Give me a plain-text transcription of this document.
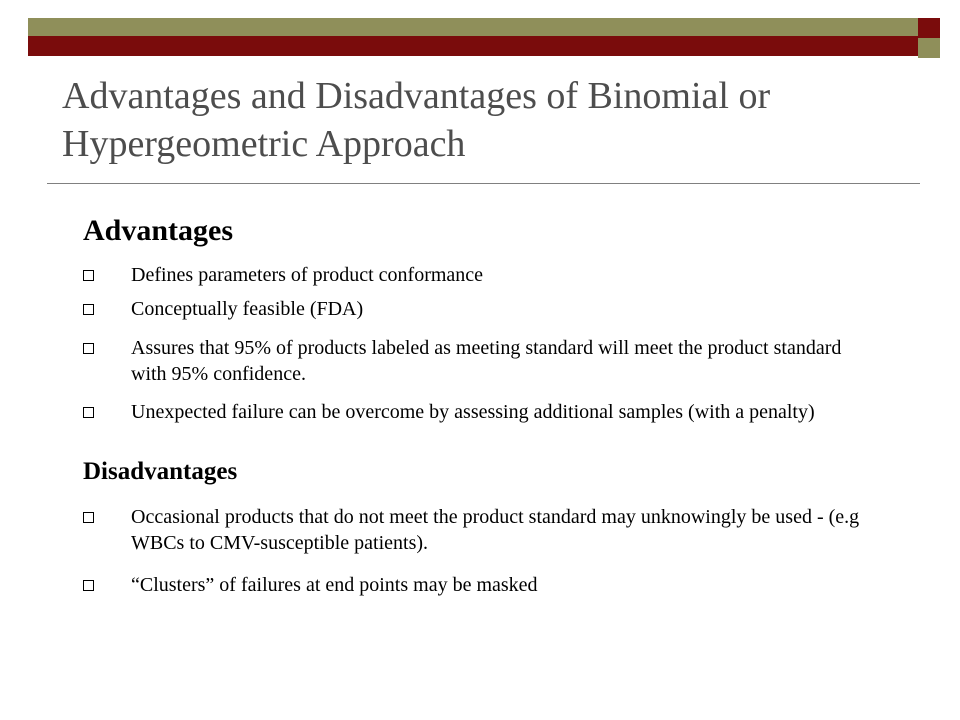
Advantages and Disadvantages of Binomial or Hypergeometric Approach
Advantages
Defines parameters of product conformance
Conceptually feasible (FDA)
Assures that 95% of products labeled as meeting standard will meet the product standard with 95% confidence.
Unexpected failure can be overcome by assessing additional samples (with a penalty)
Disadvantages
Occasional products that do not meet the product standard may unknowingly be used - (e.g WBCs to CMV-susceptible patients).
“Clusters” of failures at end points may be masked
